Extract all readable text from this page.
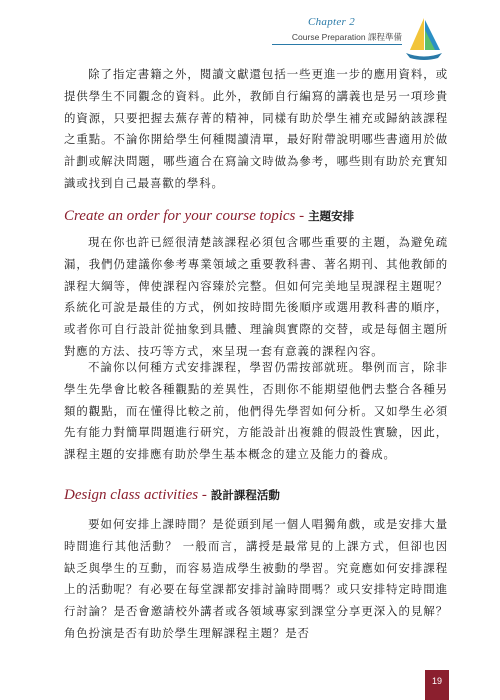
Chapter 2
Course Preparation 課程準備

除了指定書籍之外，閱讀文獻還包括一些更進一步的應用資料，或提供學生不同觀念的資料。此外，教師自行編寫的講義也是另一項珍貴的資源，只要把握去蕪存菁的精神，同樣有助於學生補充或歸納該課程之重點。不論你開給學生何種閱讀清單，最好附帶說明哪些書適用於做計劃或解決問題，哪些適合在寫論文時做為參考，哪些則有助於充實知識或找到自己最喜歡的學科。

Create an order for your course topics - 主題安排

現在你也許已經很清楚該課程必須包含哪些重要的主題，為避免疏漏，我們仍建議你參考專業領域之重要教科書、著名期刊、其他教師的課程大綱等，俾使課程內容臻於完整。但如何完美地呈現課程主題呢？系統化可說是最佳的方式，例如按時間先後順序或選用教科書的順序，或者你可自行設計從抽象到具體、理論與實際的交替，或是每個主題所對應的方法、技巧等方式，來呈現一套有意義的課程內容。

不論你以何種方式安排課程，學習仍需按部就班。舉例而言，除非學生先學會比較各種觀點的差異性，否則你不能期望他們去整合各種另類的觀點，而在懂得比較之前，他們得先學習如何分析。又如學生必須先有能力對簡單問題進行研究，方能設計出複雜的假設性實驗，因此，課程主題的安排應有助於學生基本概念的建立及能力的養成。

Design class activities - 設計課程活動

要如何安排上課時間？是從頭到尾一個人唱獨角戲，或是安排大量時間進行其他活動？ 一般而言，講授是最常見的上課方式，但卻也因缺乏與學生的互動，而容易造成學生被動的學習。究竟應如何安排課程上的活動呢？有必要在每堂課都安排討論時間嗎？或只安排特定時間進行討論？是否會邀請校外講者或各領域專家到課堂分享更深入的見解？角色扮演是否有助於學生理解課程主題？是否

19
